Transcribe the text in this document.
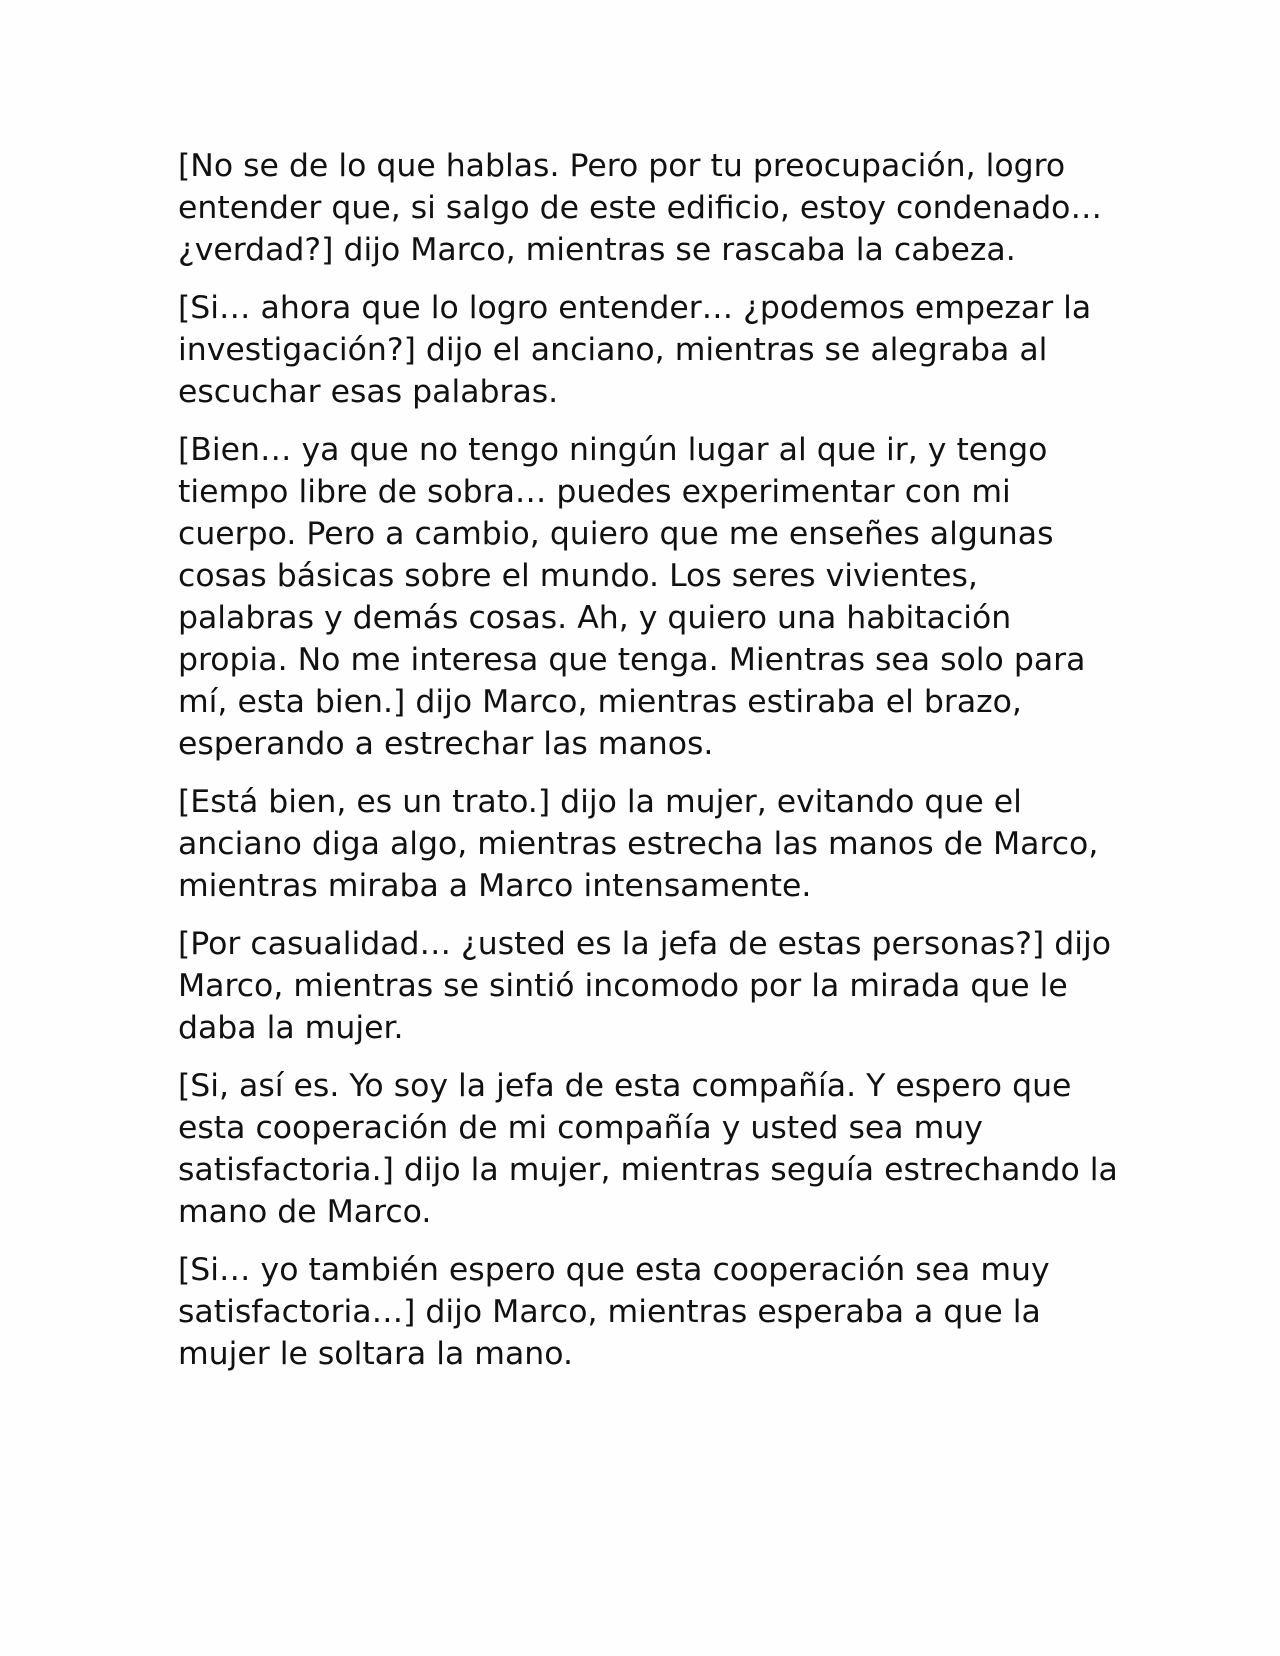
[No se de lo que hablas. Pero por tu preocupación, logro entender que, si salgo de este edificio, estoy condenado… ¿verdad?] dijo Marco, mientras se rascaba la cabeza.

[Si… ahora que lo logro entender… ¿podemos empezar la investigación?] dijo el anciano, mientras se alegraba al escuchar esas palabras.

[Bien… ya que no tengo ningún lugar al que ir, y tengo tiempo libre de sobra… puedes experimentar con mi cuerpo. Pero a cambio, quiero que me enseñes algunas cosas básicas sobre el mundo. Los seres vivientes, palabras y demás cosas. Ah, y quiero una habitación propia. No me interesa que tenga. Mientras sea solo para mí, esta bien.] dijo Marco, mientras estiraba el brazo, esperando a estrechar las manos.

[Está bien, es un trato.] dijo la mujer, evitando que el anciano diga algo, mientras estrecha las manos de Marco, mientras miraba a Marco intensamente.

[Por casualidad… ¿usted es la jefa de estas personas?] dijo Marco, mientras se sintió incomodo por la mirada que le daba la mujer.

[Si, así es. Yo soy la jefa de esta compañía. Y espero que esta cooperación de mi compañía y usted sea muy satisfactoria.] dijo la mujer, mientras seguía estrechando la mano de Marco.

[Si… yo también espero que esta cooperación sea muy satisfactoria…] dijo Marco, mientras esperaba a que la mujer le soltara la mano.
